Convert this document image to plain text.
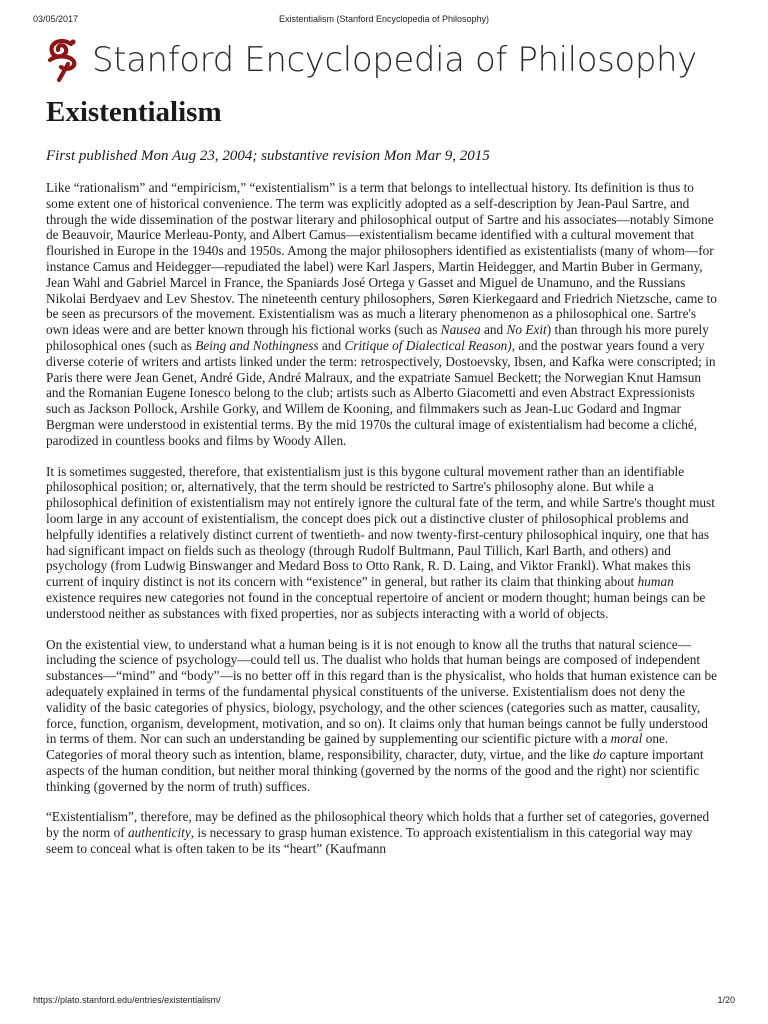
03/05/2017	Existentialism (Stanford Encyclopedia of Philosophy)
Stanford Encyclopedia of Philosophy
Existentialism
First published Mon Aug 23, 2004; substantive revision Mon Mar 9, 2015

Like “rationalism” and “empiricism,” “existentialism” is a term that belongs to intellectual history. Its definition is thus to some extent one of historical convenience. The term was explicitly adopted as a self-description by Jean-Paul Sartre, and through the wide dissemination of the postwar literary and philosophical output of Sartre and his associates—notably Simone de Beauvoir, Maurice Merleau-Ponty, and Albert Camus—existentialism became identified with a cultural movement that flourished in Europe in the 1940s and 1950s. Among the major philosophers identified as existentialists (many of whom—for instance Camus and Heidegger—repudiated the label) were Karl Jaspers, Martin Heidegger, and Martin Buber in Germany, Jean Wahl and Gabriel Marcel in France, the Spaniards José Ortega y Gasset and Miguel de Unamuno, and the Russians Nikolai Berdyaev and Lev Shestov. The nineteenth century philosophers, Søren Kierkegaard and Friedrich Nietzsche, came to be seen as precursors of the movement. Existentialism was as much a literary phenomenon as a philosophical one. Sartre's own ideas were and are better known through his fictional works (such as Nausea and No Exit) than through his more purely philosophical ones (such as Being and Nothingness and Critique of Dialectical Reason), and the postwar years found a very diverse coterie of writers and artists linked under the term: retrospectively, Dostoevsky, Ibsen, and Kafka were conscripted; in Paris there were Jean Genet, André Gide, André Malraux, and the expatriate Samuel Beckett; the Norwegian Knut Hamsun and the Romanian Eugene Ionesco belong to the club; artists such as Alberto Giacometti and even Abstract Expressionists such as Jackson Pollock, Arshile Gorky, and Willem de Kooning, and filmmakers such as Jean-Luc Godard and Ingmar Bergman were understood in existential terms. By the mid 1970s the cultural image of existentialism had become a cliché, parodized in countless books and films by Woody Allen.

It is sometimes suggested, therefore, that existentialism just is this bygone cultural movement rather than an identifiable philosophical position; or, alternatively, that the term should be restricted to Sartre's philosophy alone. But while a philosophical definition of existentialism may not entirely ignore the cultural fate of the term, and while Sartre's thought must loom large in any account of existentialism, the concept does pick out a distinctive cluster of philosophical problems and helpfully identifies a relatively distinct current of twentieth- and now twenty-first-century philosophical inquiry, one that has had significant impact on fields such as theology (through Rudolf Bultmann, Paul Tillich, Karl Barth, and others) and psychology (from Ludwig Binswanger and Medard Boss to Otto Rank, R. D. Laing, and Viktor Frankl). What makes this current of inquiry distinct is not its concern with “existence” in general, but rather its claim that thinking about human existence requires new categories not found in the conceptual repertoire of ancient or modern thought; human beings can be understood neither as substances with fixed properties, nor as subjects interacting with a world of objects.

On the existential view, to understand what a human being is it is not enough to know all the truths that natural science—including the science of psychology—could tell us. The dualist who holds that human beings are composed of independent substances—“mind” and “body”—is no better off in this regard than is the physicalist, who holds that human existence can be adequately explained in terms of the fundamental physical constituents of the universe. Existentialism does not deny the validity of the basic categories of physics, biology, psychology, and the other sciences (categories such as matter, causality, force, function, organism, development, motivation, and so on). It claims only that human beings cannot be fully understood in terms of them. Nor can such an understanding be gained by supplementing our scientific picture with a moral one. Categories of moral theory such as intention, blame, responsibility, character, duty, virtue, and the like do capture important aspects of the human condition, but neither moral thinking (governed by the norms of the good and the right) nor scientific thinking (governed by the norm of truth) suffices.

“Existentialism”, therefore, may be defined as the philosophical theory which holds that a further set of categories, governed by the norm of authenticity, is necessary to grasp human existence. To approach existentialism in this categorial way may seem to conceal what is often taken to be its “heart” (Kaufmann

https://plato.stanford.edu/entries/existentialism/	1/20
